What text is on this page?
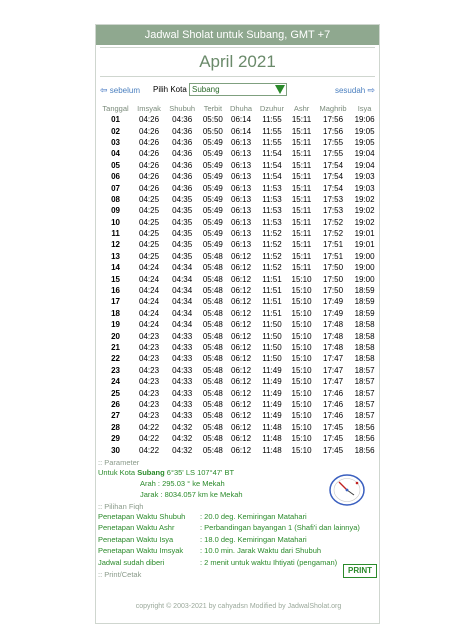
Jadwal Sholat untuk Subang, GMT +7
April 2021
⇦ sebelum Pilih Kota Subang	sesudah ⇨
Tanggal	Imsyak	Shubuh	Terbit	Dhuha	Dzuhur	Ashr	Maghrib	Isya
01	04:26	04:36	05:50	06:14	11:55	15:11	17:56	19:06
02	04:26	04:36	05:50	06:14	11:55	15:11	17:56	19:05
03	04:26	04:36	05:49	06:13	11:55	15:11	17:55	19:05
04	04:26	04:36	05:49	06:13	11:54	15:11	17:55	19:04
05	04:26	04:36	05:49	06:13	11:54	15:11	17:54	19:04
06	04:26	04:36	05:49	06:13	11:54	15:11	17:54	19:03
07	04:26	04:36	05:49	06:13	11:53	15:11	17:54	19:03
08	04:25	04:35	05:49	06:13	11:53	15:11	17:53	19:02
09	04:25	04:35	05:49	06:13	11:53	15:11	17:53	19:02
10	04:25	04:35	05:49	06:13	11:53	15:11	17:52	19:02
11	04:25	04:35	05:49	06:13	11:52	15:11	17:52	19:01
12	04:25	04:35	05:49	06:13	11:52	15:11	17:51	19:01
13	04:25	04:35	05:48	06:12	11:52	15:11	17:51	19:00
14	04:24	04:34	05:48	06:12	11:52	15:11	17:50	19:00
15	04:24	04:34	05:48	06:12	11:51	15:10	17:50	19:00
16	04:24	04:34	05:48	06:12	11:51	15:10	17:50	18:59
17	04:24	04:34	05:48	06:12	11:51	15:10	17:49	18:59
18	04:24	04:34	05:48	06:12	11:51	15:10	17:49	18:59
19	04:24	04:34	05:48	06:12	11:50	15:10	17:48	18:58
20	04:23	04:33	05:48	06:12	11:50	15:10	17:48	18:58
21	04:23	04:33	05:48	06:12	11:50	15:10	17:48	18:58
22	04:23	04:33	05:48	06:12	11:50	15:10	17:47	18:58
23	04:23	04:33	05:48	06:12	11:49	15:10	17:47	18:57
24	04:23	04:33	05:48	06:12	11:49	15:10	17:47	18:57
25	04:23	04:33	05:48	06:12	11:49	15:10	17:46	18:57
26	04:23	04:33	05:48	06:12	11:49	15:10	17:46	18:57
27	04:23	04:33	05:48	06:12	11:49	15:10	17:46	18:57
28	04:22	04:32	05:48	06:12	11:48	15:10	17:45	18:56
29	04:22	04:32	05:48	06:12	11:48	15:10	17:45	18:56
30	04:22	04:32	05:48	06:12	11:48	15:10	17:45	18:56
:: Parameter
Untuk Kota Subang 6°35' LS 107°47' BT
Arah : 295.03 ° ke Mekah
Jarak : 8034.057 km ke Mekah
:: Pilihan Fiqh
Penetapan Waktu Shubuh : 20.0 deg. Kemiringan Matahari
Penetapan Waktu Ashr	: Perbandingan bayangan 1 (Shafi'i dan lainnya)
Penetapan Waktu Isya	: 18.0 deg. Kemiringan Matahari
Penetapan Waktu Imsyak : 10.0 min. Jarak Waktu dari Shubuh
Jadwal sudah diberi	: 2 menit untuk waktu Ihtiyati (pengaman)
:: Print/Cetak	PRINT
copyright © 2003-2021 by cahyadsn Modified by JadwalSholat.org
